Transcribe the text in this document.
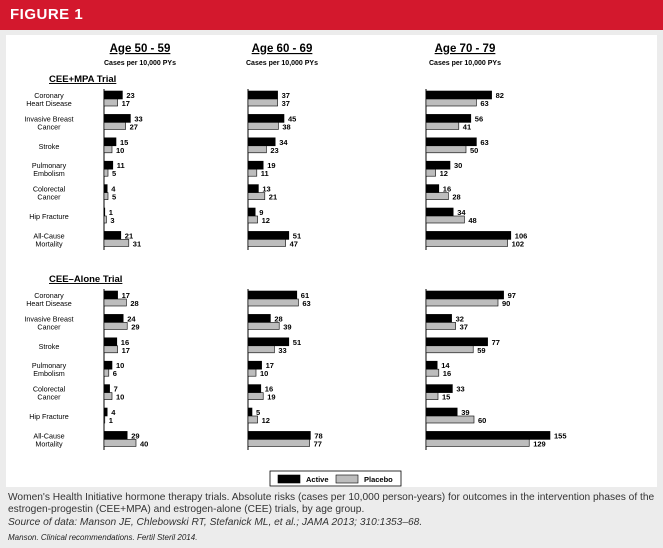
FIGURE 1
Age 50 - 59
Cases per 10,000 PYs
Age 60 - 69
Cases per 10,000 PYs
Age 70 - 79
Cases per 10,000 PYs
CEE+MPA Trial
Coronary
Heart Disease
Invasive Breast
Cancer
Stroke
Pulmonary
Embolism
Colorectal
Cancer
Hip Fracture
All-Cause
Mortality
23
17
33
27
15
10
11
5
4
5
1
3
21
31
37
37
45
38
34
23
19
11
13
21
9
12
51
47
82
63
56
41
63
50
30
12
16
28
34
48
106
102
CEE–Alone Trial
Coronary
Heart Disease
Invasive Breast
Cancer
Stroke
Pulmonary
Embolism
Colorectal
Cancer
Hip Fracture
All-Cause
Mortality
17
28
24
29
16
17
10
6
7
10
4
1
29
40
61
63
28
39
51
33
17
10
16
19
5
12
78
77
97
90
32
37
77
59
14
16
33
15
39
60
155
129
Active	Placebo
Women's Health Initiative hormone therapy trials. Absolute risks (cases per 10,000 person-years) for outcomes in the intervention phases of the estrogen-progestin (CEE+MPA) and estrogen-alone (CEE) trials, by age group.
Source of data: Manson JE, Chlebowski RT, Stefanick ML, et al.; JAMA 2013; 310:1353–68.
Manson. Clinical recommendations. Fertil Steril 2014.
